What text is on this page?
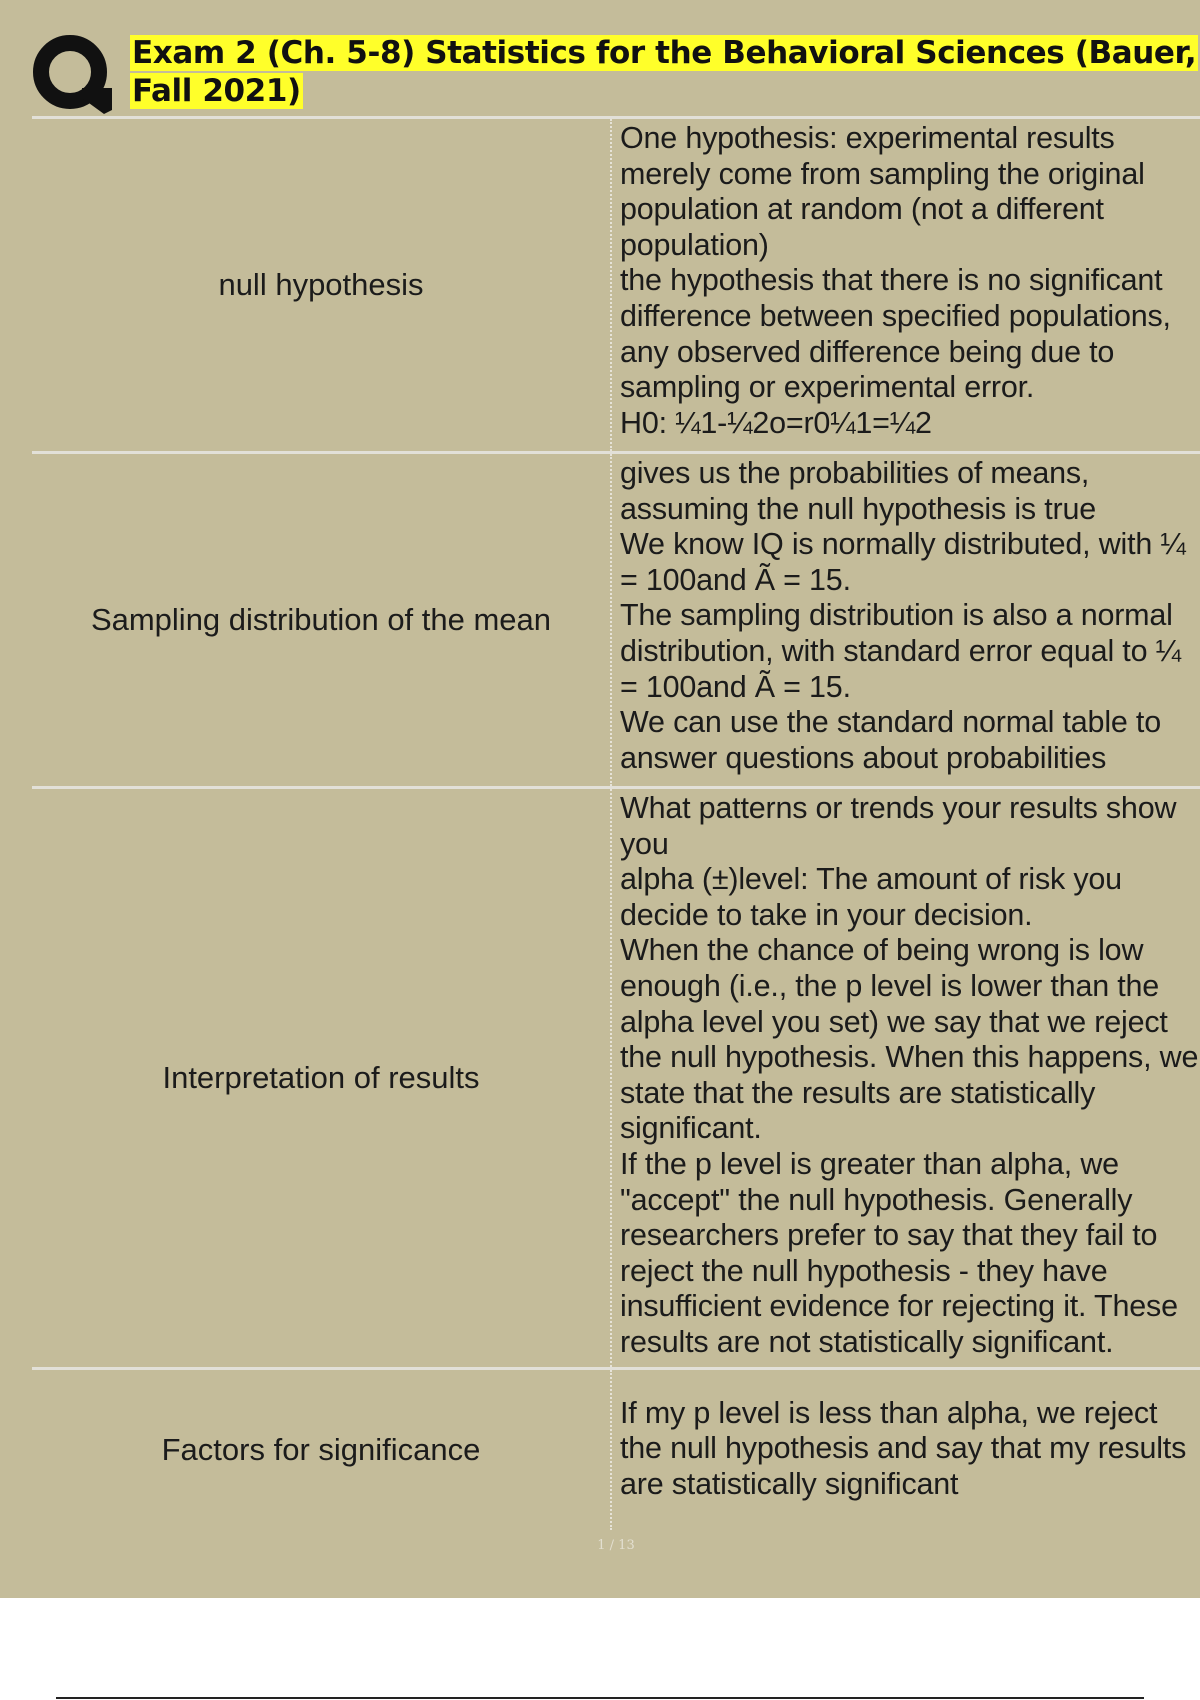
Exam 2 (Ch. 5-8) Statistics for the Behavioral Sciences (Bauer, Fall 2021)
null hypothesis

One hypothesis: experimental results merely come from sampling the original population at random (not a different population)

the hypothesis that there is no significant difference between specified populations, any observed difference being due to sampling or experimental error.

H0: ¼1-¼2o=r0¼1=¼2

Sampling distribution of the mean

gives us the probabilities of means, assuming the null hypothesis is true

We know IQ is normally distributed, with ¼ = 100and Ã = 15.

The sampling distribution is also a normal distribution, with standard error equal to ¼ = 100and Ã = 15.

We can use the standard normal table to answer questions about probabilities

Interpretation of results

What patterns or trends your results show you

alpha (±)level: The amount of risk you decide to take in your decision.

When the chance of being wrong is low enough (i.e., the p level is lower than the alpha level you set) we say that we reject the null hypothesis. When this happens, we state that the results are statistically significant.

If the p level is greater than alpha, we "accept" the null hypothesis. Generally researchers prefer to say that they fail to reject the null hypothesis - they have insufficient evidence for rejecting it. These results are not statistically significant.

Factors for significance

If my p level is less than alpha, we reject the null hypothesis and say that my results are statistically significant

1 / 13
